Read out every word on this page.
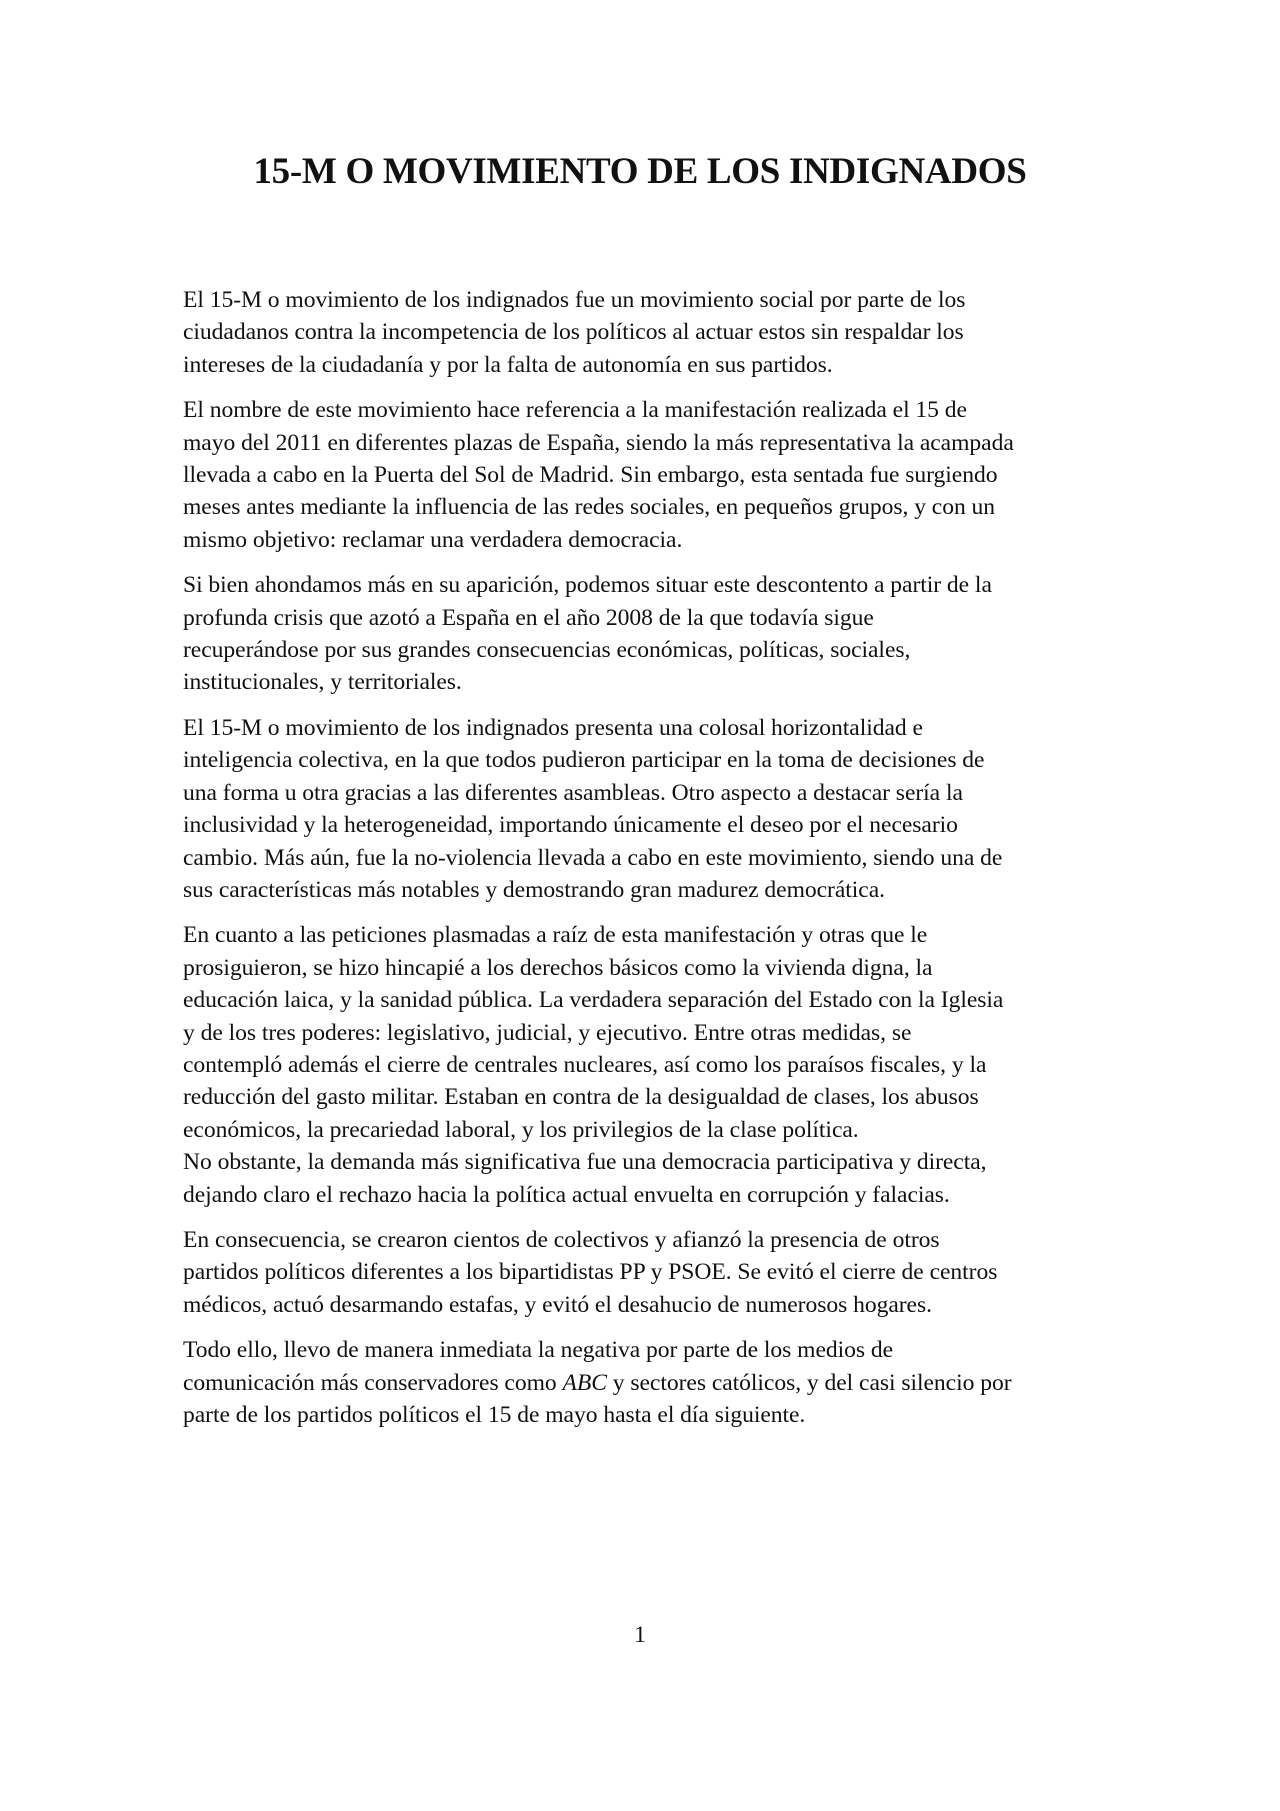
15-M O MOVIMIENTO DE LOS INDIGNADOS

El 15-M o movimiento de los indignados fue un movimiento social por parte de los
ciudadanos contra la incompetencia de los políticos al actuar estos sin respaldar los
intereses de la ciudadanía y por la falta de autonomía en sus partidos.

El nombre de este movimiento hace referencia a la manifestación realizada el 15 de
mayo del 2011 en diferentes plazas de España, siendo la más representativa la acampada
llevada a cabo en la Puerta del Sol de Madrid. Sin embargo, esta sentada fue surgiendo
meses antes mediante la influencia de las redes sociales, en pequeños grupos, y con un
mismo objetivo: reclamar una verdadera democracia.

Si bien ahondamos más en su aparición, podemos situar este descontento a partir de la
profunda crisis que azotó a España en el año 2008 de la que todavía sigue
recuperándose por sus grandes consecuencias económicas, políticas, sociales,
institucionales, y territoriales.

El 15-M o movimiento de los indignados presenta una colosal horizontalidad e
inteligencia colectiva, en la que todos pudieron participar en la toma de decisiones de
una forma u otra gracias a las diferentes asambleas. Otro aspecto a destacar sería la
inclusividad y la heterogeneidad, importando únicamente el deseo por el necesario
cambio. Más aún, fue la no-violencia llevada a cabo en este movimiento, siendo una de
sus características más notables y demostrando gran madurez democrática.

En cuanto a las peticiones plasmadas a raíz de esta manifestación y otras que le
prosiguieron, se hizo hincapié a los derechos básicos como la vivienda digna, la
educación laica, y la sanidad pública. La verdadera separación del Estado con la Iglesia
y de los tres poderes: legislativo, judicial, y ejecutivo. Entre otras medidas, se
contempló además el cierre de centrales nucleares, así como los paraísos fiscales, y la
reducción del gasto militar. Estaban en contra de la desigualdad de clases, los abusos
económicos, la precariedad laboral, y los privilegios de la clase política.
No obstante, la demanda más significativa fue una democracia participativa y directa,
dejando claro el rechazo hacia la política actual envuelta en corrupción y falacias.

En consecuencia, se crearon cientos de colectivos y afianzó la presencia de otros
partidos políticos diferentes a los bipartidistas PP y PSOE. Se evitó el cierre de centros
médicos, actuó desarmando estafas, y evitó el desahucio de numerosos hogares.

Todo ello, llevo de manera inmediata la negativa por parte de los medios de
comunicación más conservadores como ABC y sectores católicos, y del casi silencio por
parte de los partidos políticos el 15 de mayo hasta el día siguiente.

1
